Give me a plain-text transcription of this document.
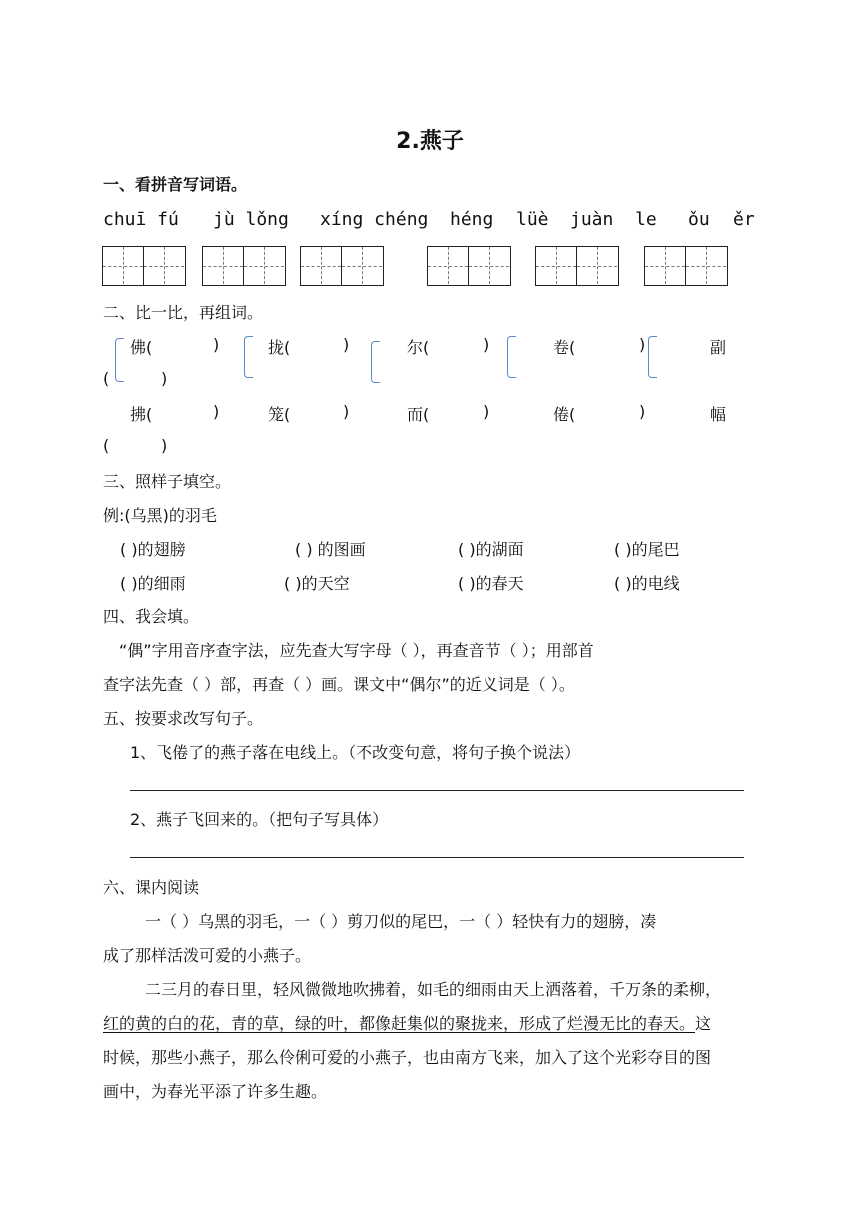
2.燕子
一、看拼音写词语。
chuī fú jù lǒng xíng chéng héng lüè juàn le ǒu ěr
二、比一比，再组词。
佛(	)	拢(	)	尔(	)	卷(	)	副
(	)
拂(	)	笼(	)	而(	)	倦(	)	幅
(	)
三、照样子填空。
例:(乌黑)的羽毛
( )的翅膀	( ) 的图画	( )的湖面	( )的尾巴
( )的细雨	( )的天空	( )的春天	( )的电线
四、我会填。
“偶”字用音序查字法，应先查大写字母（ ），再查音节（ ）；用部首
查字法先查（ ）部，再查（ ）画。课文中“偶尔”的近义词是（ ）。
五、按要求改写句子。
1、飞倦了的燕子落在电线上。（不改变句意，将句子换个说法）
2、燕子飞回来的。（把句子写具体）
六、课内阅读
一（ ）乌黑的羽毛，一（ ）剪刀似的尾巴，一（ ）轻快有力的翅膀，凑
成了那样活泼可爱的小燕子。
二三月的春日里，轻风微微地吹拂着，如毛的细雨由天上洒落着，千万条的柔柳，
红的黄的白的花，青的草，绿的叶，都像赶集似的聚拢来，形成了烂漫无比的春天。这
时候，那些小燕子，那么伶俐可爱的小燕子，也由南方飞来，加入了这个光彩夺目的图
画中，为春光平添了许多生趣。
